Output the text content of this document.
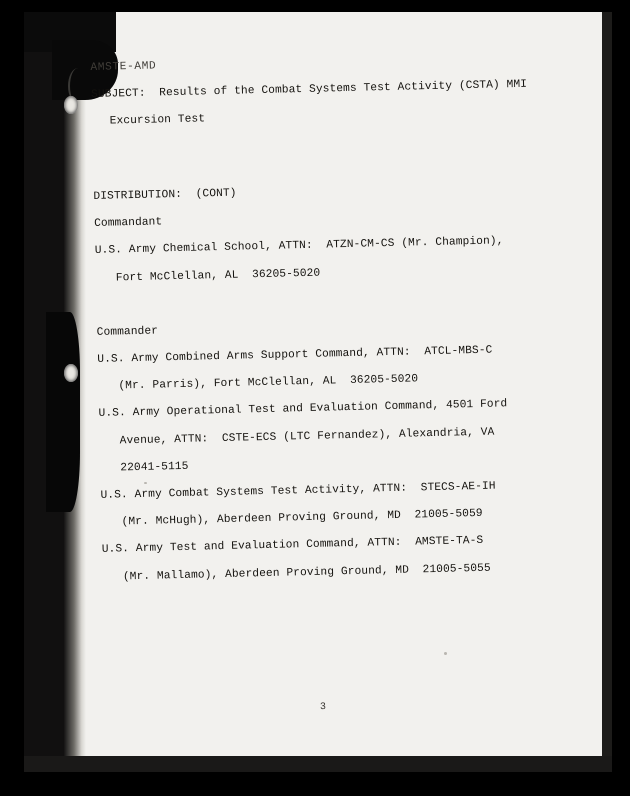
AMSTE-AMD

SUBJECT:  Results of the Combat Systems Test Activity (CSTA) MMI

Excursion Test

DISTRIBUTION:  (CONT)

Commandant

U.S. Army Chemical School, ATTN:  ATZN-CM-CS (Mr. Champion),

Fort McClellan, AL  36205-5020

Commander

U.S. Army Combined Arms Support Command, ATTN:  ATCL-MBS-C

(Mr. Parris), Fort McClellan, AL  36205-5020

U.S. Army Operational Test and Evaluation Command, 4501 Ford

Avenue, ATTN:  CSTE-ECS (LTC Fernandez), Alexandria, VA

22041-5115

U.S. Army Combat Systems Test Activity, ATTN:  STECS-AE-IH

(Mr. McHugh), Aberdeen Proving Ground, MD  21005-5059

U.S. Army Test and Evaluation Command, ATTN:  AMSTE-TA-S

(Mr. Mallamo), Aberdeen Proving Ground, MD  21005-5055

3
